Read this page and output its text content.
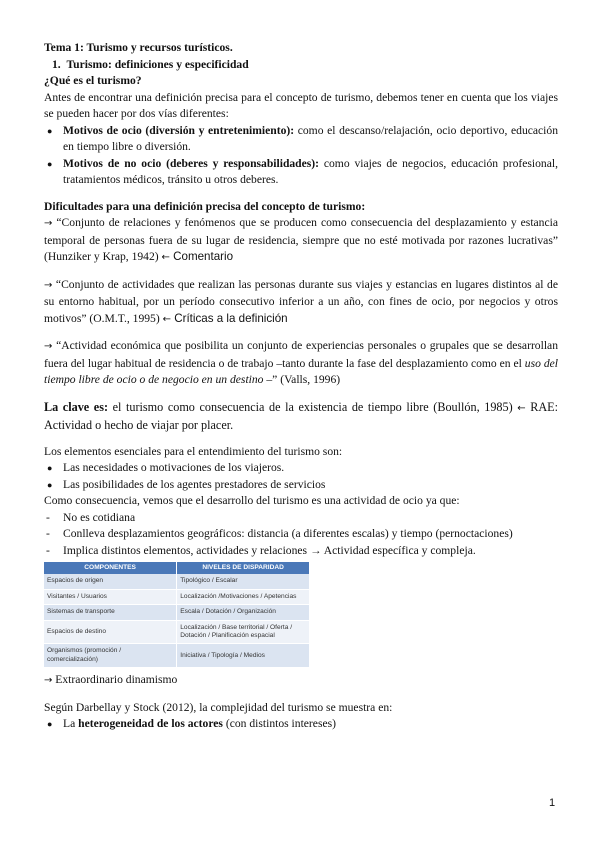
Tema 1: Turismo y recursos turísticos.
1. Turismo: definiciones y especificidad
¿Qué es el turismo?

Antes de encontrar una definición precisa para el concepto de turismo, debemos tener en cuenta que los viajes se pueden hacer por dos vías diferentes:

● Motivos de ocio (diversión y entretenimiento): como el descanso/relajación, ocio deportivo, educación en tiempo libre o diversión.
● Motivos de no ocio (deberes y responsabilidades): como viajes de negocios, educación profesional, tratamientos médicos, tránsito u otros deberes.
Dificultades para una definición precisa del concepto de turismo:

→ “Conjunto de relaciones y fenómenos que se producen como consecuencia del desplazamiento y estancia temporal de personas fuera de su lugar de residencia, siempre que no esté motivada por razones lucrativas” (Hunziker y Krap, 1942) ← Comentario

→ “Conjunto de actividades que realizan las personas durante sus viajes y estancias en lugares distintos al de su entorno habitual, por un período consecutivo inferior a un año, con fines de ocio, por negocios y otros motivos” (O.M.T., 1995) ← Críticas a la definición

→ “Actividad económica que posibilita un conjunto de experiencias personales o grupales que se desarrollan fuera del lugar habitual de residencia o de trabajo –tanto durante la fase del desplazamiento como en el uso del tiempo libre de ocio o de negocio en un destino –” (Valls, 1996)

La clave es: el turismo como consecuencia de la existencia de tiempo libre (Boullón, 1985) ← RAE: Actividad o hecho de viajar por placer.

Los elementos esenciales para el entendimiento del turismo son:

● Las necesidades o motivaciones de los viajeros.
● Las posibilidades de los agentes prestadores de servicios

Como consecuencia, vemos que el desarrollo del turismo es una actividad de ocio ya que:

- No es cotidiana
- Conlleva desplazamientos geográficos: distancia (a diferentes escalas) y tiempo (pernoctaciones)
- Implica distintos elementos, actividades y relaciones → Actividad específica y compleja.
COMPONENTES	NIVELES DE DISPARIDAD
Espacios de origen	Tipológico / Escalar
Visitantes / Usuarios	Localización /Motivaciones / Apetencias
Sistemas de transporte	Escala / Dotación / Organización
Espacios de destino	Localización / Base territorial / Oferta / Dotación / Planificación espacial
Organismos (promoción / comercialización)	Iniciativa / Tipología / Medios

→ Extraordinario dinamismo

Según Darbellay y Stock (2012), la complejidad del turismo se muestra en:

● La heterogeneidad de los actores (con distintos intereses)
1
